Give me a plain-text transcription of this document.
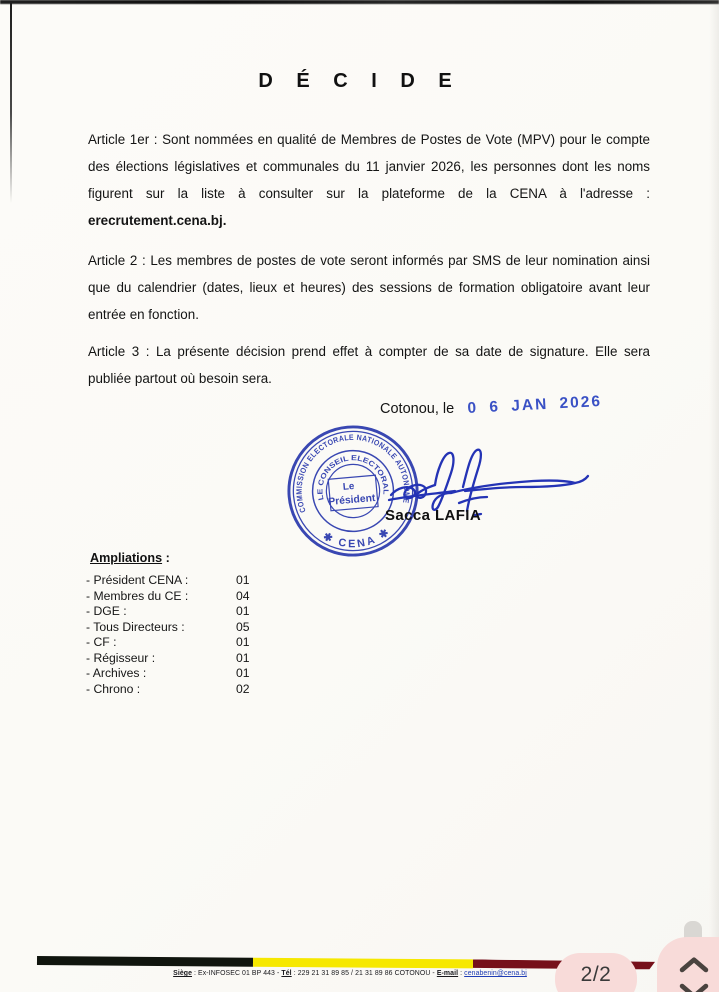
D É C I D E
Article 1er : Sont nommées en qualité de Membres de Postes de Vote (MPV) pour le compte des élections législatives et communales du 11 janvier 2026, les personnes dont les noms figurent sur la liste à consulter sur la plateforme de la CENA à l'adresse :
erecrutement.cena.bj.

Article 2 : Les membres de postes de vote seront informés par SMS de leur nomination ainsi que du calendrier (dates, lieux et heures) des sessions de formation obligatoire avant leur entrée en fonction.

Article 3 : La présente décision prend effet à compter de sa date de signature. Elle sera publiée partout où besoin sera.

Cotonou, le 0 6 JAN 2026
COMMISSION ELECTORALE NATIONALE AUTONOME
LE CONSEIL ELECTORAL
✱ CENA ✱
Le
Président
Sacca LAFIA
Ampliations :
- Président CENA :	01
- Membres du CE :	04
- DGE :	01
- Tous Directeurs :	05
- CF :	01
- Régisseur :	01
- Archives :	01
- Chrono :	02
Siège : Ex-INFOSEC 01 BP 443 - Tél : 229 21 31 89 85 / 21 31 89 86 COTONOU - E-mail : cenabenin@cena.bj	2/2
